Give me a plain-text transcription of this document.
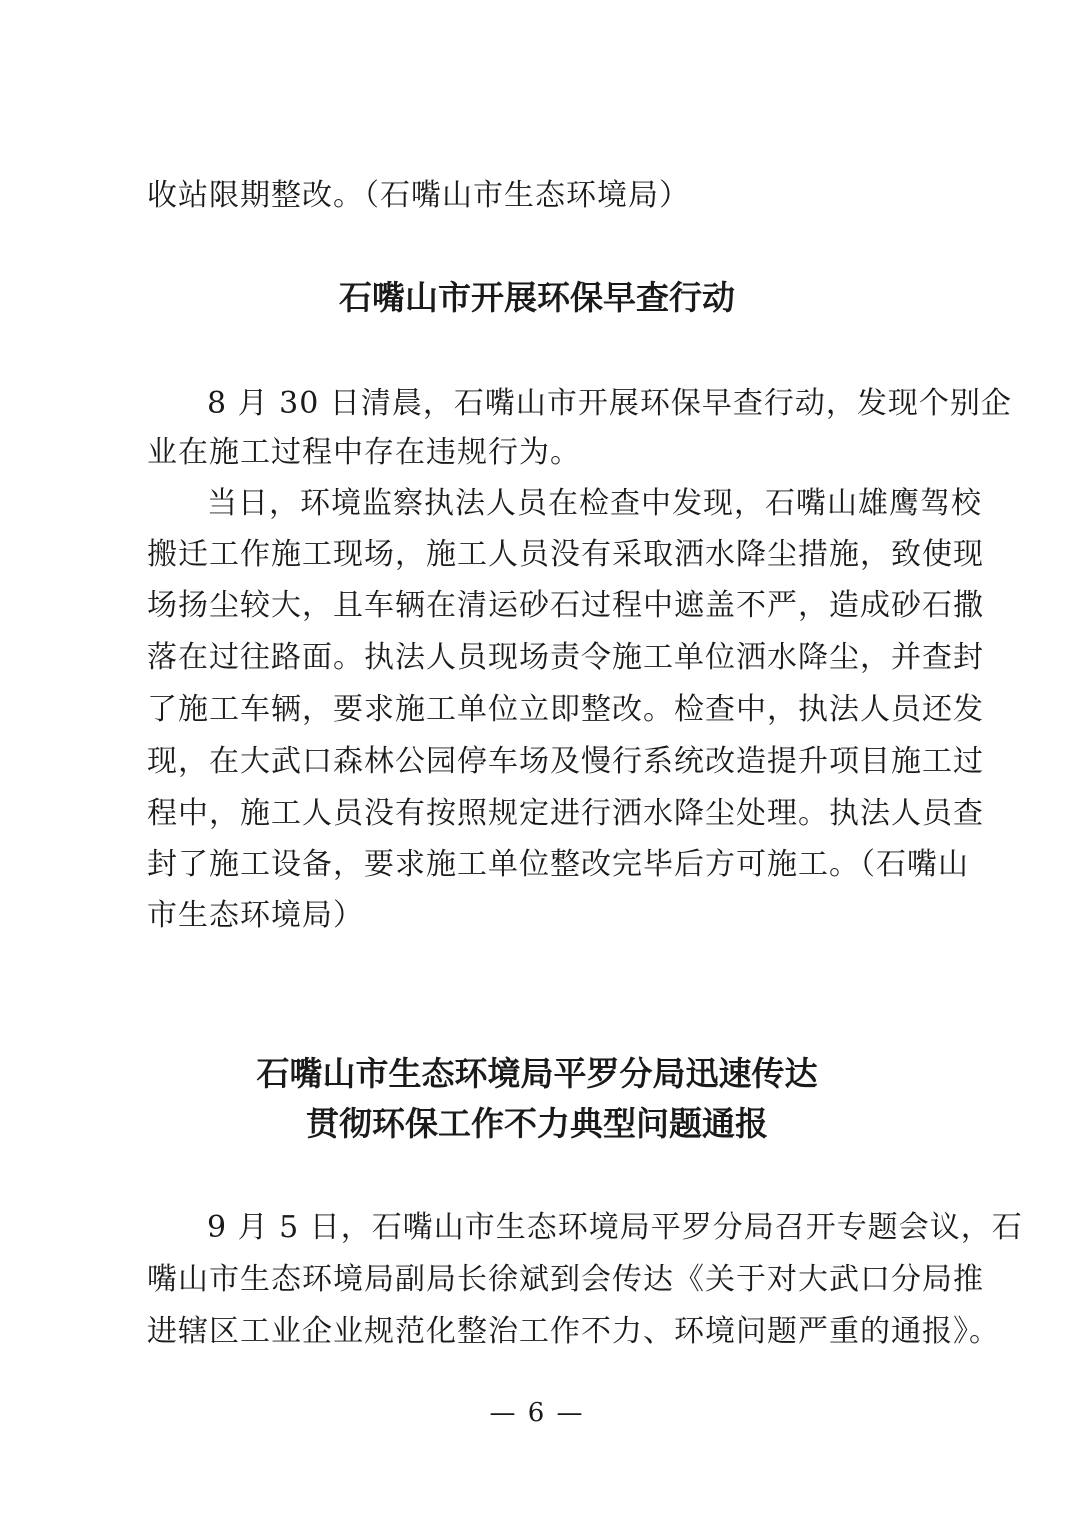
收站限期整改。（石嘴山市生态环境局）
石嘴山市开展环保早查行动
8 月 30 日清晨，石嘴山市开展环保早查行动，发现个别企
业在施工过程中存在违规行为。
当日，环境监察执法人员在检查中发现，石嘴山雄鹰驾校
搬迁工作施工现场，施工人员没有采取洒水降尘措施，致使现
场扬尘较大，且车辆在清运砂石过程中遮盖不严，造成砂石撒
落在过往路面。执法人员现场责令施工单位洒水降尘，并查封
了施工车辆，要求施工单位立即整改。检查中，执法人员还发
现，在大武口森林公园停车场及慢行系统改造提升项目施工过
程中，施工人员没有按照规定进行洒水降尘处理。执法人员查
封了施工设备，要求施工单位整改完毕后方可施工。（石嘴山
市生态环境局）
石嘴山市生态环境局平罗分局迅速传达
贯彻环保工作不力典型问题通报
9 月 5 日，石嘴山市生态环境局平罗分局召开专题会议，石
嘴山市生态环境局副局长徐斌到会传达《关于对大武口分局推
进辖区工业企业规范化整治工作不力、环境问题严重的通报》。
— 6 —
